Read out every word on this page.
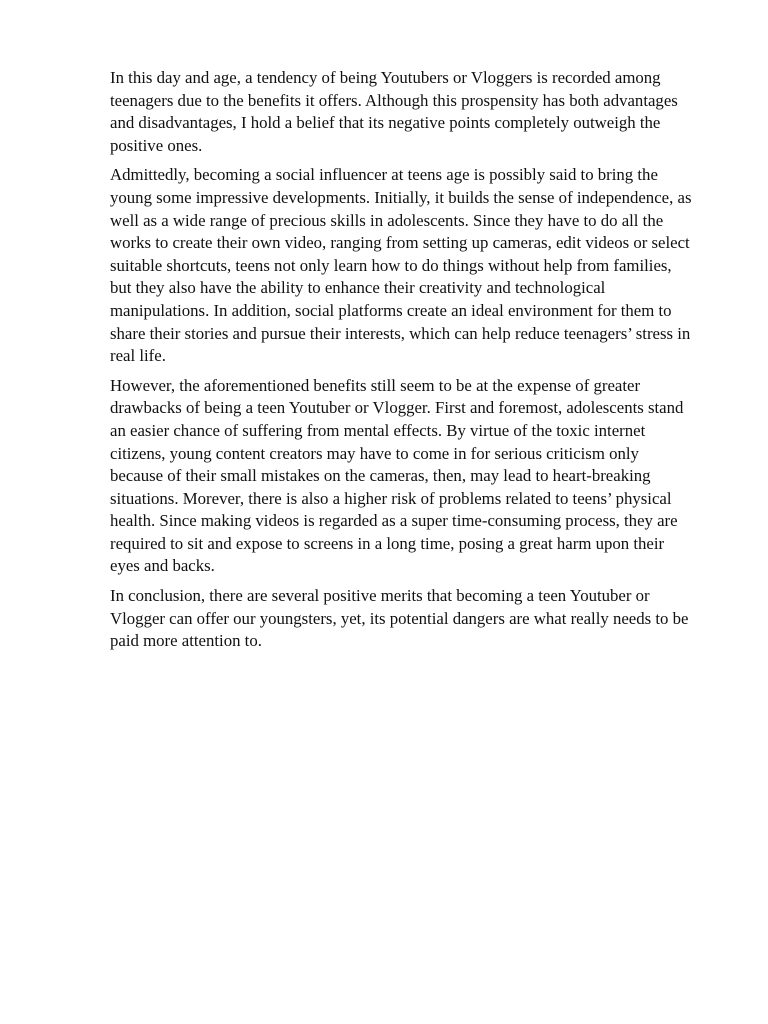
In this day and age, a tendency of being Youtubers or Vloggers is recorded among teenagers due to the benefits it offers. Although this prospensity has both advantages and disadvantages, I hold a belief that its negative points completely outweigh the positive ones.

Admittedly, becoming a social influencer at teens age is possibly said to bring the young some impressive developments. Initially, it builds the sense of independence, as well as a wide range of precious skills in adolescents. Since they have to do all the works to create their own video, ranging from setting up cameras, edit videos or select suitable shortcuts, teens not only learn how to do things without help from families, but they also have the ability to enhance their creativity and technological manipulations. In addition, social platforms create an ideal environment for them to share their stories and pursue their interests, which can help reduce teenagers’ stress in real life.

However, the aforementioned benefits still seem to be at the expense of greater drawbacks of being a teen Youtuber or Vlogger. First and foremost, adolescents stand an easier chance of suffering from mental effects. By virtue of the toxic internet citizens, young content creators may have to come in for serious criticism only because of their small mistakes on the cameras, then, may lead to heart-breaking situations. Morever, there is also a higher risk of problems related to teens’ physical health. Since making videos is regarded as a super time-consuming process, they are required to sit and expose to screens in a long time, posing a great harm upon their eyes and backs.

In conclusion, there are several positive merits that becoming a teen Youtuber or Vlogger can offer our youngsters, yet, its potential dangers are what really needs to be paid more attention to.
